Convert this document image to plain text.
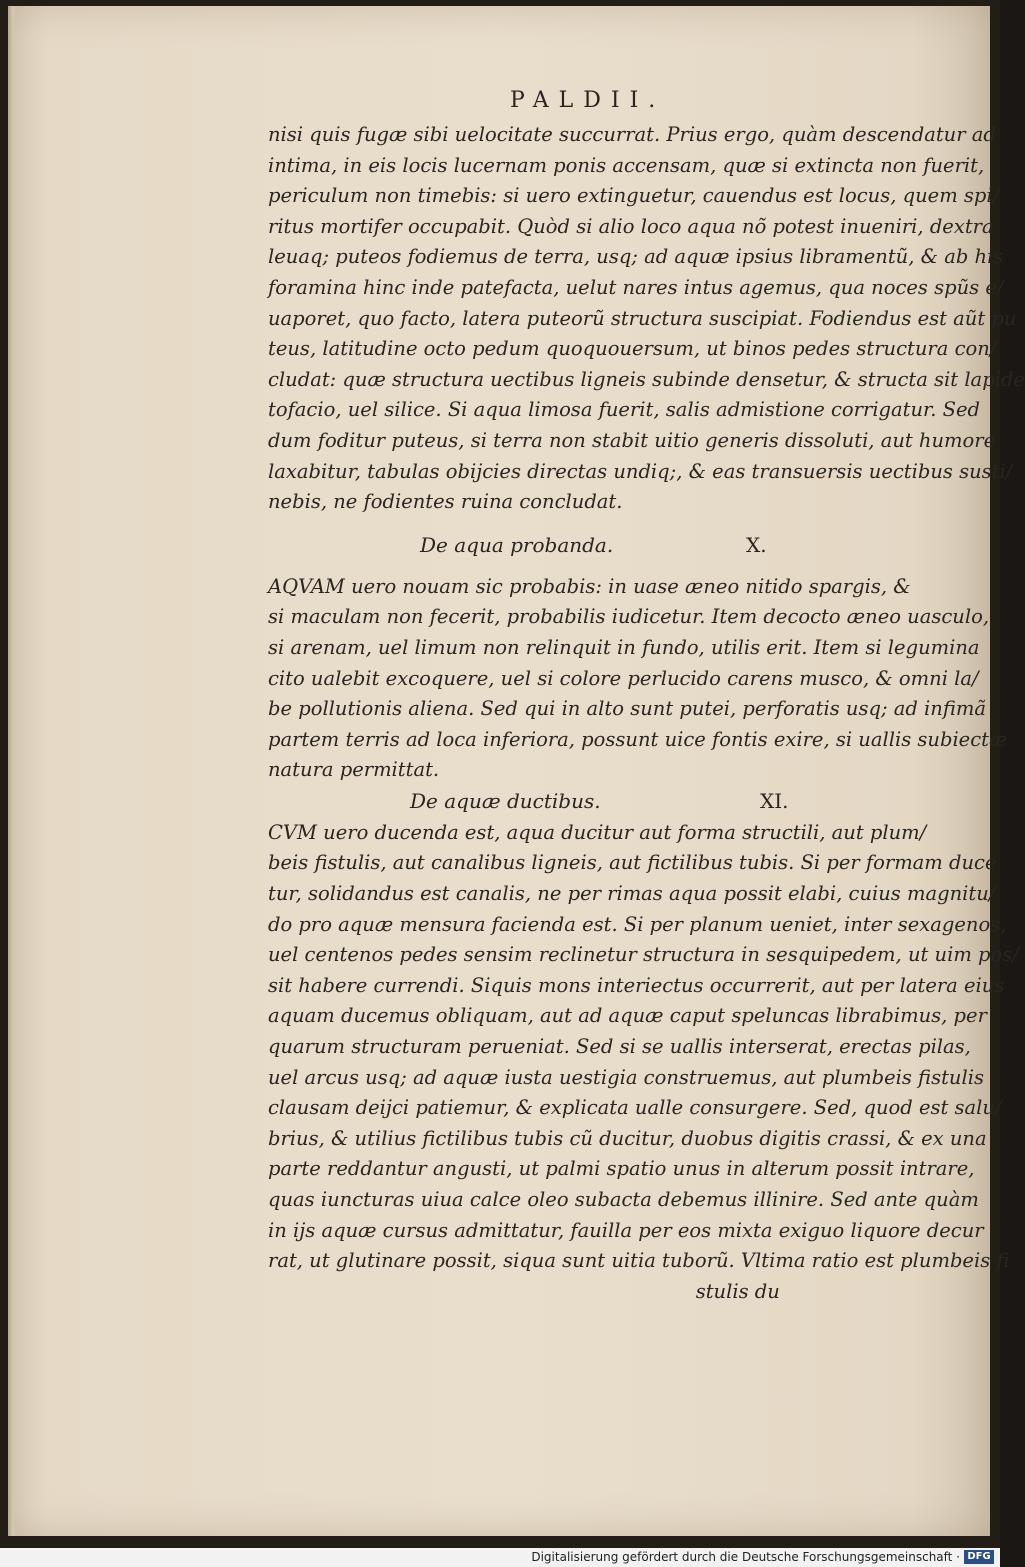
PALDII.
nisi quis fugæ sibi uelocitate succurrat. Prius ergo, quàm descendatur ad
intima, in eis locis lucernam ponis accensam, quæ si extincta non fuerit,
periculum non timebis: si uero extinguetur, cauendus est locus, quem spi/
ritus mortifer occupabit. Quòd si alio loco aqua nõ potest inueniri, dextra
leuaq; puteos fodiemus de terra, usq; ad aquæ ipsius libramentũ, & ab his
foramina hinc inde patefacta, uelut nares intus agemus, qua noces spũs e/
uaporet, quo facto, latera puteorũ structura suscipiat. Fodiendus est aũt pu
teus, latitudine octo pedum quoquouersum, ut binos pedes structura con/
cludat: quæ structura uectibus ligneis subinde densetur, & structa sit lapide
tofacio, uel silice. Si aqua limosa fuerit, salis admistione corrigatur. Sed
dum foditur puteus, si terra non stabit uitio generis dissoluti, aut humore
laxabitur, tabulas obijcies directas undiq;, & eas transuersis uectibus susti/
nebis, ne fodientes ruina concludat.
De aqua probanda.	X.
AQVAM uero nouam sic probabis: in uase æneo nitido spargis, &
si maculam non fecerit, probabilis iudicetur. Item decocto æneo uasculo,
si arenam, uel limum non relinquit in fundo, utilis erit. Item si legumina
cito ualebit excoquere, uel si colore perlucido carens musco, & omni la/
be pollutionis aliena. Sed qui in alto sunt putei, perforatis usq; ad infimã
partem terris ad loca inferiora, possunt uice fontis exire, si uallis subiectæ
natura permittat.
De aquæ ductibus.	XI.
CVM uero ducenda est, aqua ducitur aut forma structili, aut plum/
beis fistulis, aut canalibus ligneis, aut fictilibus tubis. Si per formam duce
tur, solidandus est canalis, ne per rimas aqua possit elabi, cuius magnitu/
do pro aquæ mensura facienda est. Si per planum ueniet, inter sexagenos,
uel centenos pedes sensim reclinetur structura in sesquipedem, ut uim pos/
sit habere currendi. Siquis mons interiectus occurrerit, aut per latera eius
aquam ducemus obliquam, aut ad aquæ caput speluncas librabimus, per
quarum structuram perueniat. Sed si se uallis interserat, erectas pilas,
uel arcus usq; ad aquæ iusta uestigia construemus, aut plumbeis fistulis
clausam deijci patiemur, & explicata ualle consurgere. Sed, quod est salu/
brius, & utilius fictilibus tubis cũ ducitur, duobus digitis crassi, & ex una
parte reddantur angusti, ut palmi spatio unus in alterum possit intrare,
quas iuncturas uiua calce oleo subacta debemus illinire. Sed ante quàm
in ijs aquæ cursus admittatur, fauilla per eos mixta exiguo liquore decur
rat, ut glutinare possit, siqua sunt uitia tuborũ. Vltima ratio est plumbeis fi
stulis du
Digitalisierung gefördert durch die Deutsche Forschungsgemeinschaft · DFG
